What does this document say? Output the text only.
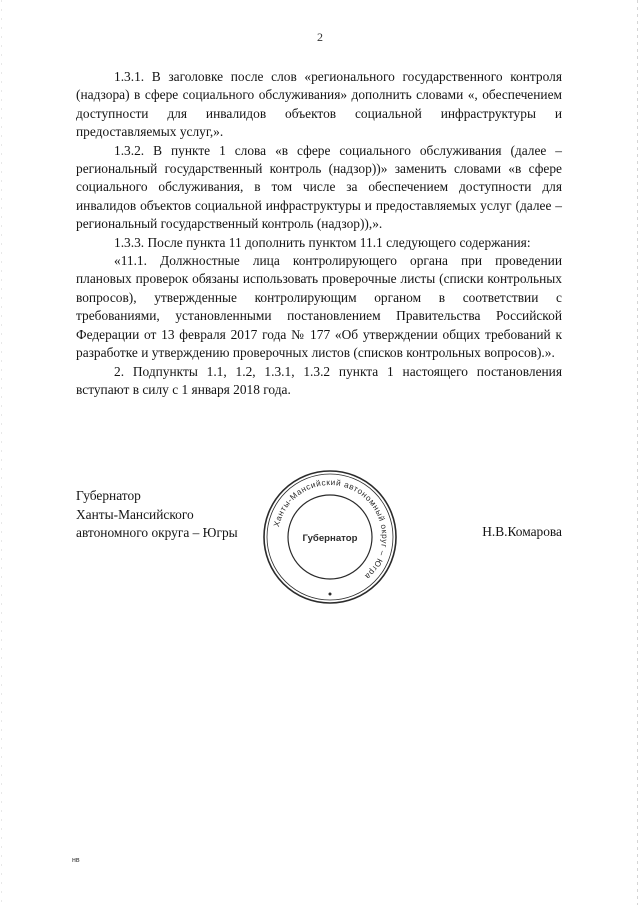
2

1.3.1. В заголовке после слов «регионального государственного контроля (надзора) в сфере социального обслуживания» дополнить словами «, обеспечением доступности для инвалидов объектов социальной инфраструктуры и предоставляемых услуг,».

1.3.2. В пункте 1 слова «в сфере социального обслуживания (далее – региональный государственный контроль (надзор))» заменить словами «в сфере социального обслуживания, в том числе за обеспечением доступности для инвалидов объектов социальной инфраструктуры и предоставляемых услуг (далее – региональный государственный контроль (надзор)),».

1.3.3. После пункта 11 дополнить пунктом 11.1 следующего содержания:

«11.1. Должностные лица контролирующего органа при проведении плановых проверок обязаны использовать проверочные листы (списки контрольных вопросов), утвержденные контролирующим органом в соответствии с требованиями, установленными постановлением Правительства Российской Федерации от 13 февраля 2017 года № 177 «Об утверждении общих требований к разработке и утверждению проверочных листов (списков контрольных вопросов).».

2. Подпункты 1.1, 1.2, 1.3.1, 1.3.2 пункта 1 настоящего постановления вступают в силу с 1 января 2018 года.

Губернатор
Ханты-Мансийского
автономного округа – Югры
Ханты-Мансийский автономный округ – Югра
Губернатор	Н.В.Комарова
нв
